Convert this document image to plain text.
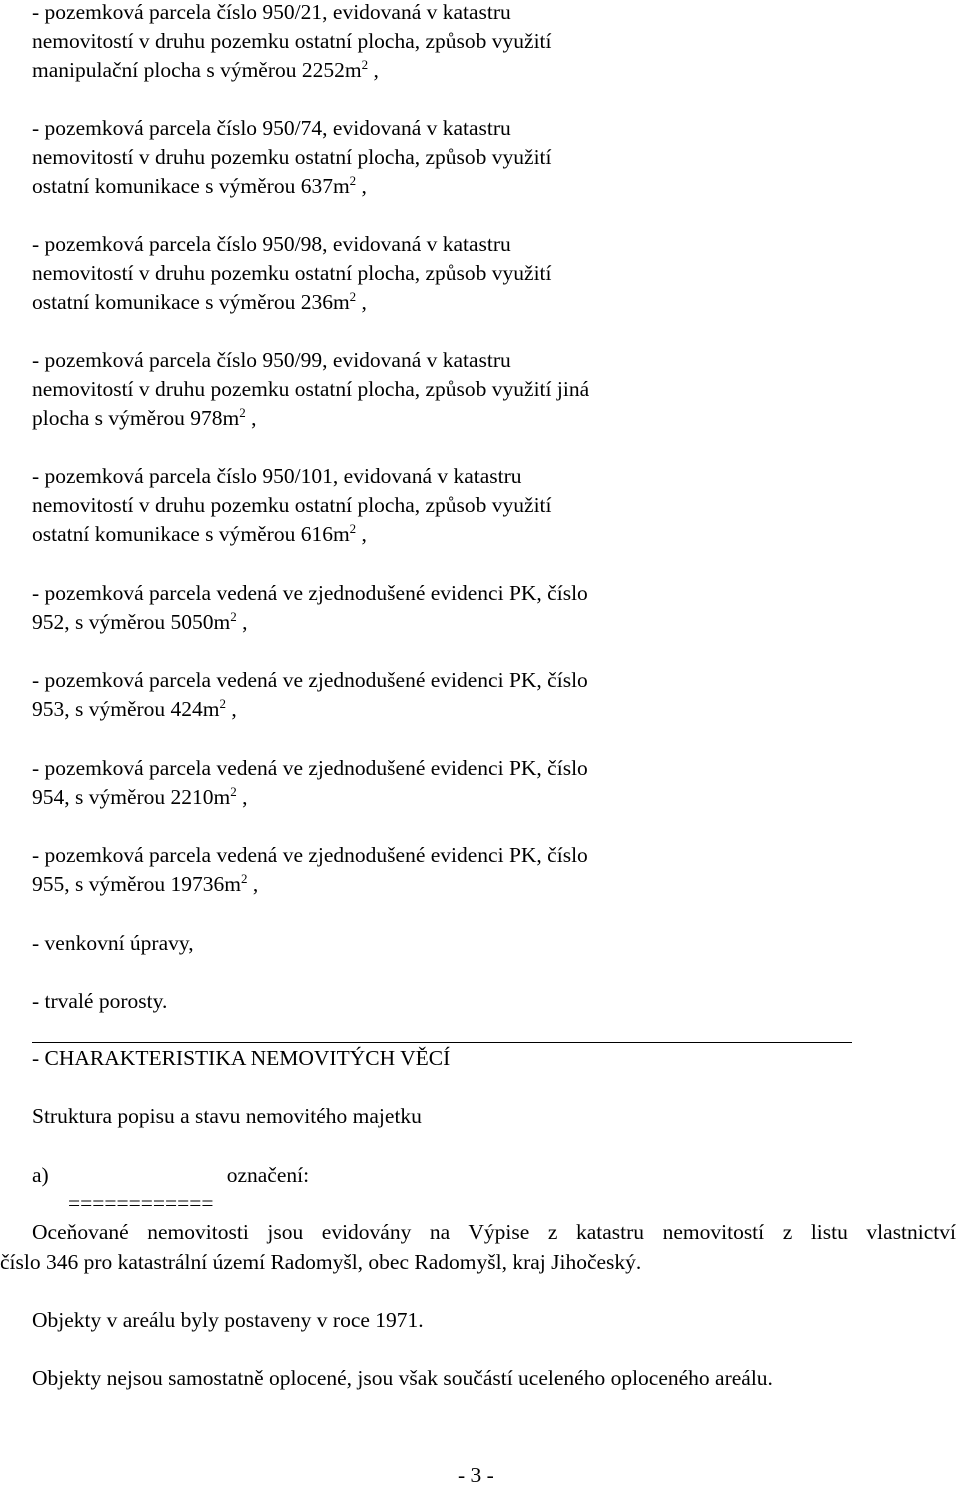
- pozemková parcela číslo 950/21, evidovaná v katastru
nemovitostí v druhu pozemku ostatní plocha, způsob využití
manipulační plocha s výměrou $2252m^2$ ,
- pozemková parcela číslo 950/74, evidovaná v katastru
nemovitostí v druhu pozemku ostatní plocha, způsob využití
ostatní komunikace s výměrou $637m^2$ ,
- pozemková parcela číslo 950/98, evidovaná v katastru
nemovitostí v druhu pozemku ostatní plocha, způsob využití
ostatní komunikace s výměrou $236m^2$ ,
- pozemková parcela číslo 950/99, evidovaná v katastru
nemovitostí v druhu pozemku ostatní plocha, způsob využití jiná
plocha s výměrou $978m^2$ ,
- pozemková parcela číslo 950/101, evidovaná v katastru
nemovitostí v druhu pozemku ostatní plocha, způsob využití
ostatní komunikace s výměrou $616m^2$ ,
- pozemková parcela vedená ve zjednodušené evidenci PK, číslo
952, s výměrou $5050m^2$ ,
- pozemková parcela vedená ve zjednodušené evidenci PK, číslo
953, s výměrou $424m^2$ ,
- pozemková parcela vedená ve zjednodušené evidenci PK, číslo
954, s výměrou $2210m^2$ ,
- pozemková parcela vedená ve zjednodušené evidenci PK, číslo
955, s výměrou $19736m^2$ ,
- venkovní úpravy,
- trvalé porosty.
- CHARAKTERISTIKA NEMOVITÝCH VĚCÍ
Struktura popisu a stavu nemovitého majetku
a)	označení:
============
Oceňované nemovitosti jsou evidovány na Výpise z katastru nemovitostí z listu vlastnictví
číslo 346 pro katastrální území Radomyšl, obec Radomyšl, kraj Jihočeský.
Objekty v areálu byly postaveny v roce 1971.
Objekty nejsou samostatně oplocené, jsou však součástí uceleného oploceného areálu.
- 3 -
